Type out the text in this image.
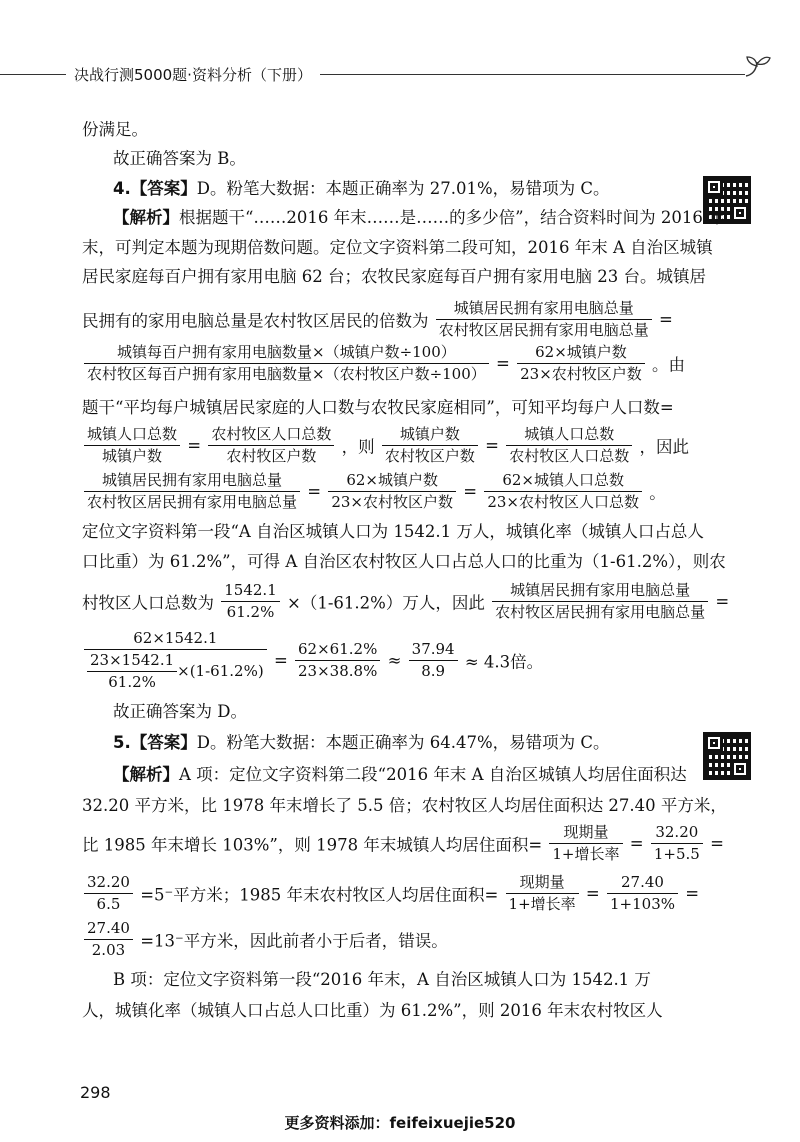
决战行测5000题·资料分析（下册）
份满足。
故正确答案为 B。
4.【答案】D。粉笔大数据：本题正确率为 27.01%，易错项为 C。
【解析】根据题干“……2016 年末……是……的多少倍”，结合资料时间为 2016 年
末，可判定本题为现期倍数问题。定位文字资料第二段可知，2016 年末 A 自治区城镇
居民家庭每百户拥有家用电脑 62 台；农牧民家庭每百户拥有家用电脑 23 台。城镇居
民拥有的家用电脑总量是农村牧区居民的倍数为 $\frac{\text{城镇居民拥有家用电脑总量}}{\text{农村牧区居民拥有家用电脑总量}}$ =
$\frac{\text{城镇每百户拥有家用电脑数量×（城镇户数÷100）}}{\text{农村牧区每百户拥有家用电脑数量×（农村牧区户数÷100）}} = \frac{\text{62×城镇户数}}{\text{23×农村牧区户数}}$ 。由
题干“平均每户城镇居民家庭的人口数与农牧民家庭相同”，可知平均每户人口数=
$\frac{\text{城镇人口总数}}{\text{城镇户数}} = \frac{\text{农村牧区人口总数}}{\text{农村牧区户数}}$ ，则 $\frac{\text{城镇户数}}{\text{农村牧区户数}} = \frac{\text{城镇人口总数}}{\text{农村牧区人口总数}}$ ，因此
$\frac{\text{城镇居民拥有家用电脑总量}}{\text{农村牧区居民拥有家用电脑总量}} = \frac{\text{62×城镇户数}}{\text{23×农村牧区户数}} = \frac{\text{62×城镇人口总数}}{\text{23×农村牧区人口总数}}$ 。
定位文字资料第一段“A 自治区城镇人口为 1542.1 万人，城镇化率（城镇人口占总人
口比重）为 61.2%”，可得 A 自治区农村牧区人口占总人口的比重为（1-61.2%），则农
村牧区人口总数为 $\frac{1542.1}{61.2\%} \times(1-61.2\%)$万人，因此 $\frac{\text{城镇居民拥有家用电脑总量}}{\text{农村牧区居民拥有家用电脑总量}}$ =
$\frac{62\times 1542.1}{\frac{23\times 1542.1}{61.2\%} \times(1-61.2\%)} = \frac{62\times 61.2\%}{23\times 38.8\%} \approx \frac{37.94}{8.9} \approx 4.3$倍。
故正确答案为 D。
5.【答案】D。粉笔大数据：本题正确率为 64.47%，易错项为 C。
【解析】A 项：定位文字资料第二段“2016 年末 A 自治区城镇人均居住面积达
32.20 平方米，比 1978 年末增长了 5.5 倍；农村牧区人均居住面积达 27.40 平方米，
比 1985 年末增长 103%”，则 1978 年末城镇人均居住面积= $\frac{\text{现期量}}{\text{1+增长率}} = \frac{32.20}{1+5.5}$ =
$\frac{32.20}{6.5} =5^-$平方米；1985 年末农村牧区人均居住面积= $\frac{\text{现期量}}{\text{1+增长率}} = \frac{27.40}{1+103\%}$ =
$\frac{27.40}{2.03} =13^-$平方米，因此前者小于后者，错误。
B 项：定位文字资料第一段“2016 年末，A 自治区城镇人口为 1542.1 万
人，城镇化率（城镇人口占总人口比重）为 61.2%”，则 2016 年末农村牧区人
298
更多资料添加：feifeixuejie520
